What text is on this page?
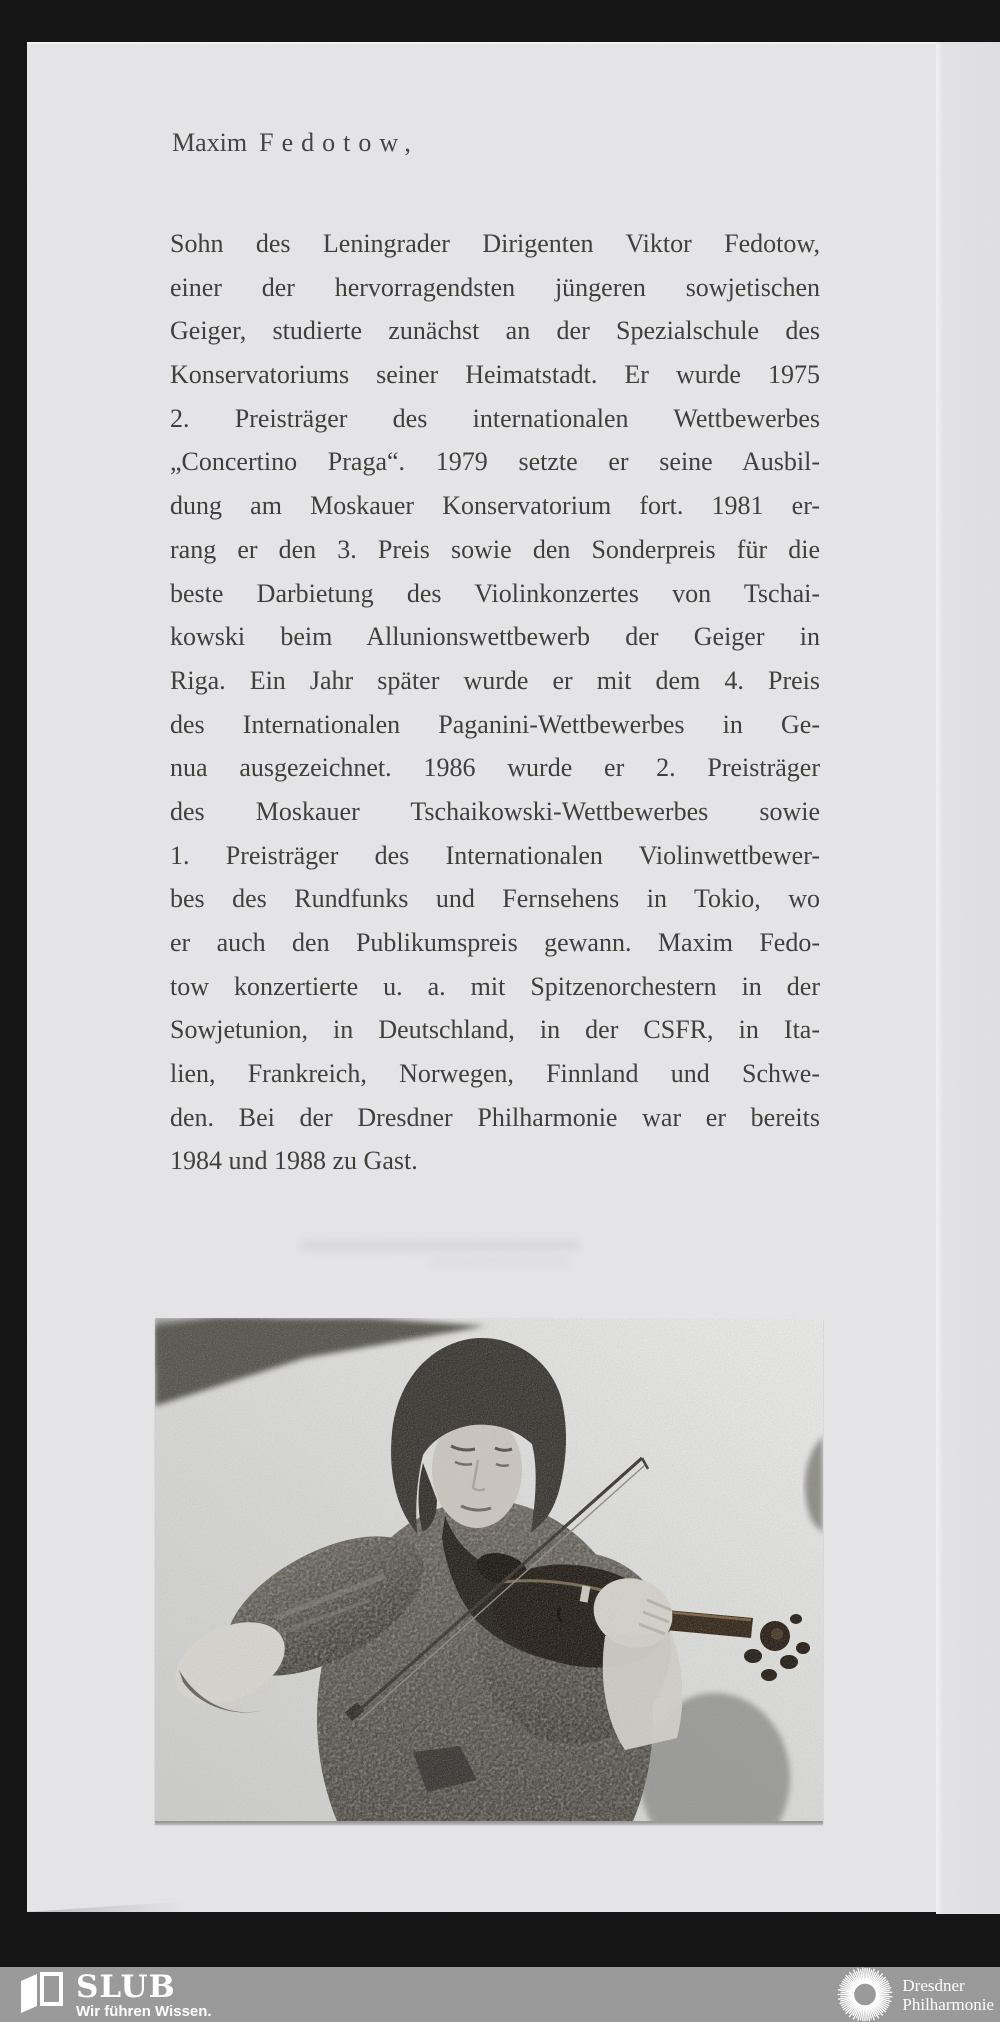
Maxim Fedotow,
Sohn des Leningrader Dirigenten Viktor Fedotow,
einer der hervorragendsten jüngeren sowjetischen
Geiger, studierte zunächst an der Spezialschule des
Konservatoriums seiner Heimatstadt. Er wurde 1975
2. Preisträger des internationalen Wettbewerbes
„Concertino Praga“. 1979 setzte er seine Ausbil-
dung am Moskauer Konservatorium fort. 1981 er-
rang er den 3. Preis sowie den Sonderpreis für die
beste Darbietung des Violinkonzertes von Tschai-
kowski beim Allunionswettbewerb der Geiger in
Riga. Ein Jahr später wurde er mit dem 4. Preis
des Internationalen Paganini-Wettbewerbes in Ge-
nua ausgezeichnet. 1986 wurde er 2. Preisträger
des Moskauer Tschaikowski-Wettbewerbes sowie
1. Preisträger des Internationalen Violinwettbewer-
bes des Rundfunks und Fernsehens in Tokio, wo
er auch den Publikumspreis gewann. Maxim Fedo-
tow konzertierte u. a. mit Spitzenorchestern in der
Sowjetunion, in Deutschland, in der CSFR, in Ita-
lien, Frankreich, Norwegen, Finnland und Schwe-
den. Bei der Dresdner Philharmonie war er bereits
1984 und 1988 zu Gast.
SLUB
Wir führen Wissen.
Dresdner
Philharmonie
